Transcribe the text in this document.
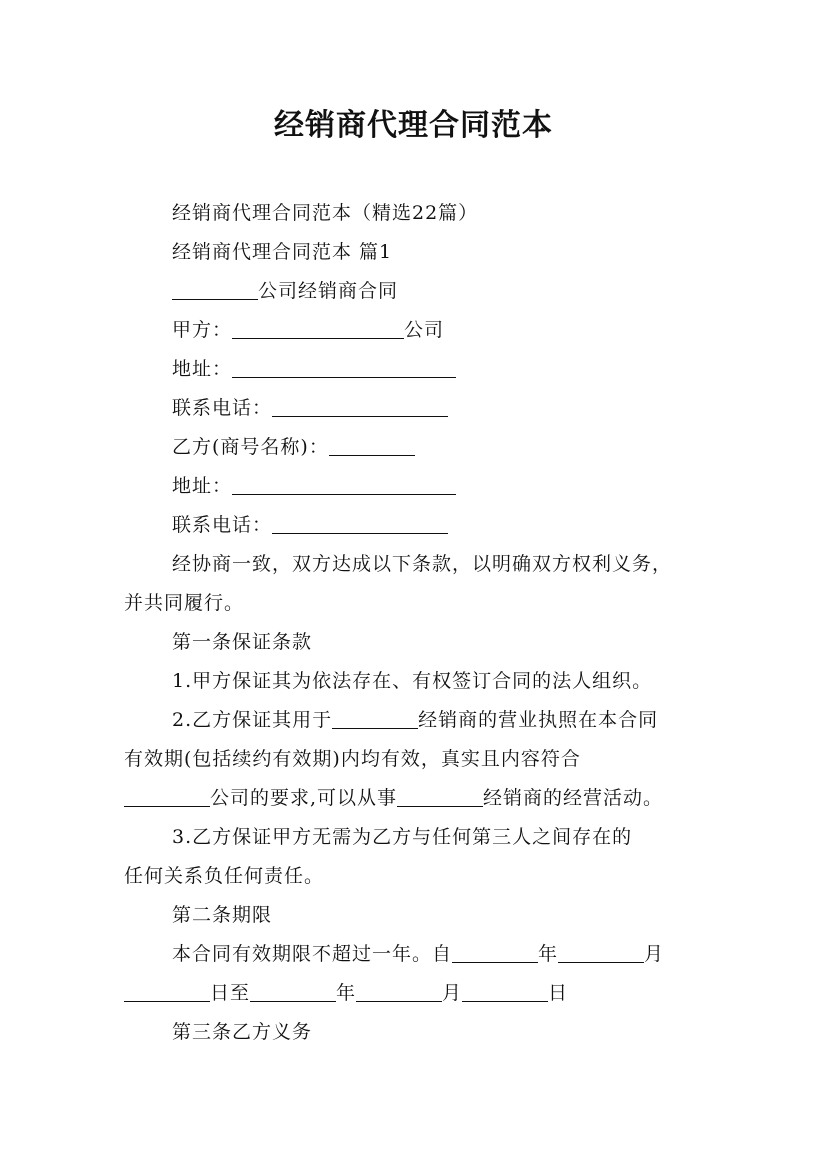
经销商代理合同范本
经销商代理合同范本（精选22篇）
经销商代理合同范本 篇1
公司经销商合同
甲方：	公司
地址：
联系电话：
乙方(商号名称)：
地址：
联系电话：
经协商一致，双方达成以下条款，以明确双方权利义务，
并共同履行。
第一条保证条款
1.甲方保证其为依法存在、有权签订合同的法人组织。
2.乙方保证其用于	经销商的营业执照在本合同
有效期(包括续约有效期)内均有效，真实且内容符合
公司的要求,可以从事	经销商的经营活动。
3.乙方保证甲方无需为乙方与任何第三人之间存在的
任何关系负任何责任。
第二条期限
本合同有效期限不超过一年。自	年	月
日至	年	月	日
第三条乙方义务
